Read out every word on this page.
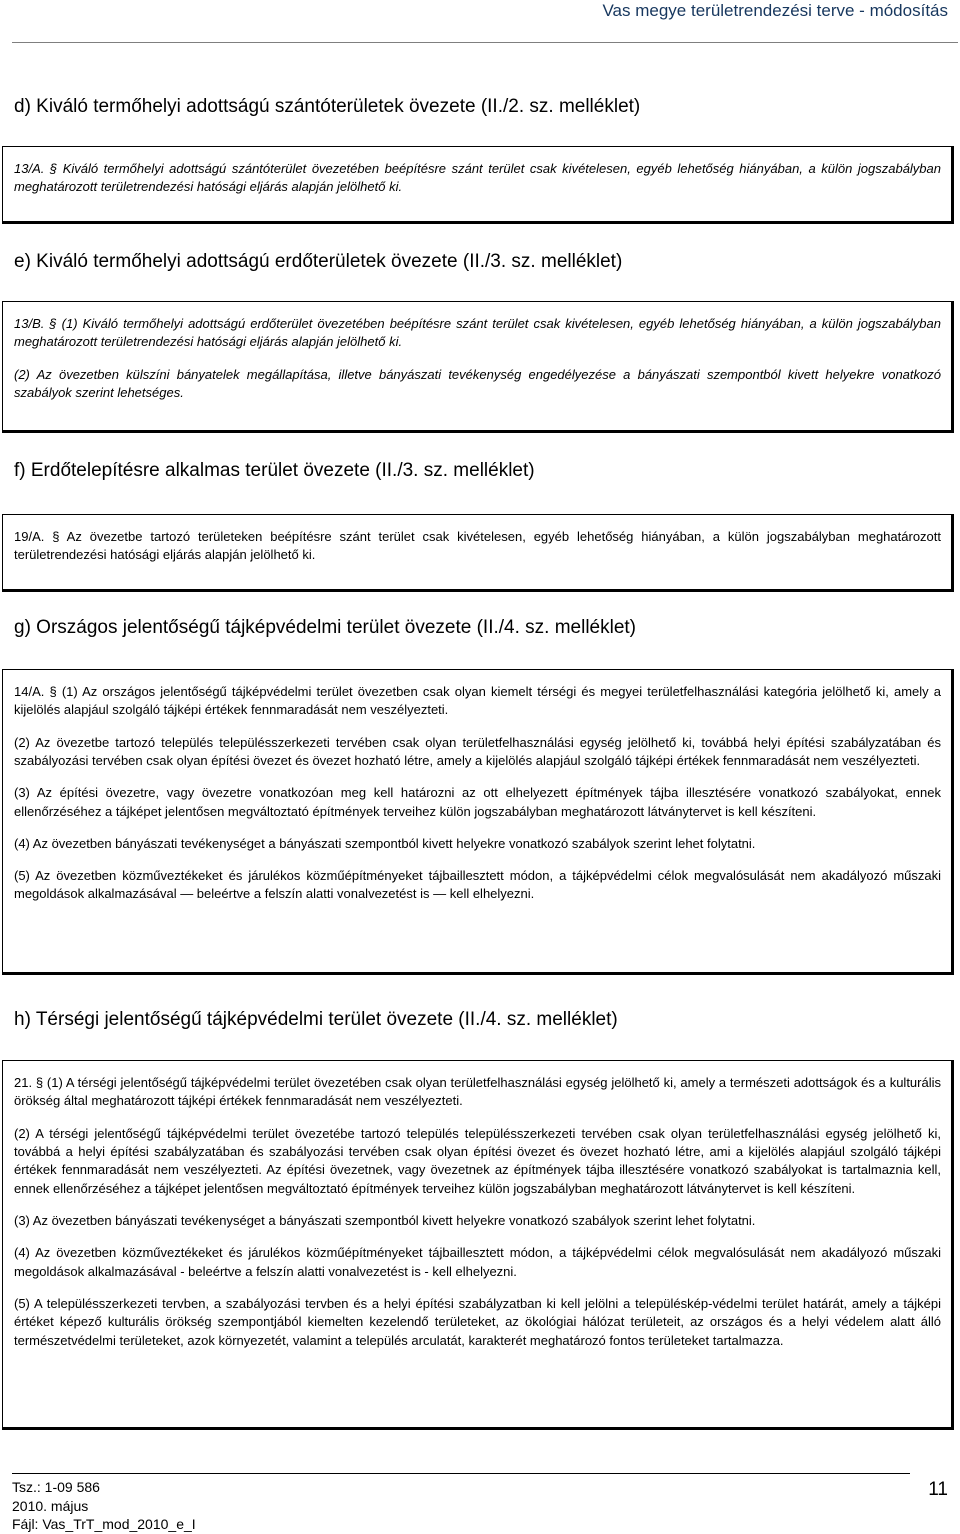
Vas megye területrendezési terve - módosítás
d) Kiváló termőhelyi adottságú szántóterületek övezete (II./2. sz. melléklet)

13/A. § Kiváló termőhelyi adottságú szántóterület övezetében beépítésre szánt terület csak kivételesen, egyéb lehetőség hiányában, a külön jogszabályban meghatározott területrendezési hatósági eljárás alapján jelölhető ki.

e) Kiváló termőhelyi adottságú erdőterületek övezete (II./3. sz. melléklet)

13/B. § (1) Kiváló termőhelyi adottságú erdőterület övezetében beépítésre szánt terület csak kivételesen, egyéb lehetőség hiányában, a külön jogszabályban meghatározott területrendezési hatósági eljárás alapján jelölhető ki.

(2) Az övezetben külszíni bányatelek megállapítása, illetve bányászati tevékenység engedélyezése a bányászati szempontból kivett helyekre vonatkozó szabályok szerint lehetséges.

f) Erdőtelepítésre alkalmas terület övezete (II./3. sz. melléklet)

19/A. § Az övezetbe tartozó területeken beépítésre szánt terület csak kivételesen, egyéb lehetőség hiányában, a külön jogszabályban meghatározott területrendezési hatósági eljárás alapján jelölhető ki.

g) Országos jelentőségű tájképvédelmi terület övezete (II./4. sz. melléklet)

14/A. § (1) Az országos jelentőségű tájképvédelmi terület övezetben csak olyan kiemelt térségi és megyei területfelhasználási kategória jelölhető ki, amely a kijelölés alapjául szolgáló tájképi értékek fennmaradását nem veszélyezteti.

(2) Az övezetbe tartozó település településszerkezeti tervében csak olyan területfelhasználási egység jelölhető ki, továbbá helyi építési szabályzatában és szabályozási tervében csak olyan építési övezet és övezet hozható létre, amely a kijelölés alapjául szolgáló tájképi értékek fennmaradását nem veszélyezteti.

(3) Az építési övezetre, vagy övezetre vonatkozóan meg kell határozni az ott elhelyezett építmények tájba illesztésére vonatkozó szabályokat, ennek ellenőrzéséhez a tájképet jelentősen megváltoztató építmények terveihez külön jogszabályban meghatározott látványtervet is kell készíteni.

(4) Az övezetben bányászati tevékenységet a bányászati szempontból kivett helyekre vonatkozó szabályok szerint lehet folytatni.

(5) Az övezetben közműveztékeket és járulékos közműépítményeket tájbaillesztett módon, a tájképvédelmi célok megvalósulását nem akadályozó műszaki megoldások alkalmazásával — beleértve a felszín alatti vonalvezetést is — kell elhelyezni.

h) Térségi jelentőségű tájképvédelmi terület övezete (II./4. sz. melléklet)

21. § (1) A térségi jelentőségű tájképvédelmi terület övezetében csak olyan területfelhasználási egység jelölhető ki, amely a természeti adottságok és a kulturális örökség által meghatározott tájképi értékek fennmaradását nem veszélyezteti.

(2) A térségi jelentőségű tájképvédelmi terület övezetébe tartozó település településszerkezeti tervében csak olyan területfelhasználási egység jelölhető ki, továbbá a helyi építési szabályzatában és szabályozási tervében csak olyan építési övezet és övezet hozható létre, ami a kijelölés alapjául szolgáló tájképi értékek fennmaradását nem veszélyezteti. Az építési övezetnek, vagy övezetnek az építmények tájba illesztésére vonatkozó szabályokat is tartalmaznia kell, ennek ellenőrzéséhez a tájképet jelentősen megváltoztató építmények terveihez külön jogszabályban meghatározott látványtervet is kell készíteni.

(3) Az övezetben bányászati tevékenységet a bányászati szempontból kivett helyekre vonatkozó szabályok szerint lehet folytatni.

(4) Az övezetben közműveztékeket és járulékos közműépítményeket tájbaillesztett módon, a tájképvédelmi célok megvalósulását nem akadályozó műszaki megoldások alkalmazásával - beleértve a felszín alatti vonalvezetést is - kell elhelyezni.

(5) A településszerkezeti tervben, a szabályozási tervben és a helyi építési szabályzatban ki kell jelölni a településkép-védelmi terület határát, amely a tájképi értéket képező kulturális örökség szempontjából kiemelten kezelendő területeket, az ökológiai hálózat területeit, az országos és a helyi védelem alatt álló természetvédelmi területeket, azok környezetét, valamint a település arculatát, karakterét meghatározó fontos területeket tartalmazza.

Tsz.: 1-09 586
2010. május
Fájl: Vas_TrT_mod_2010_e_I
11
